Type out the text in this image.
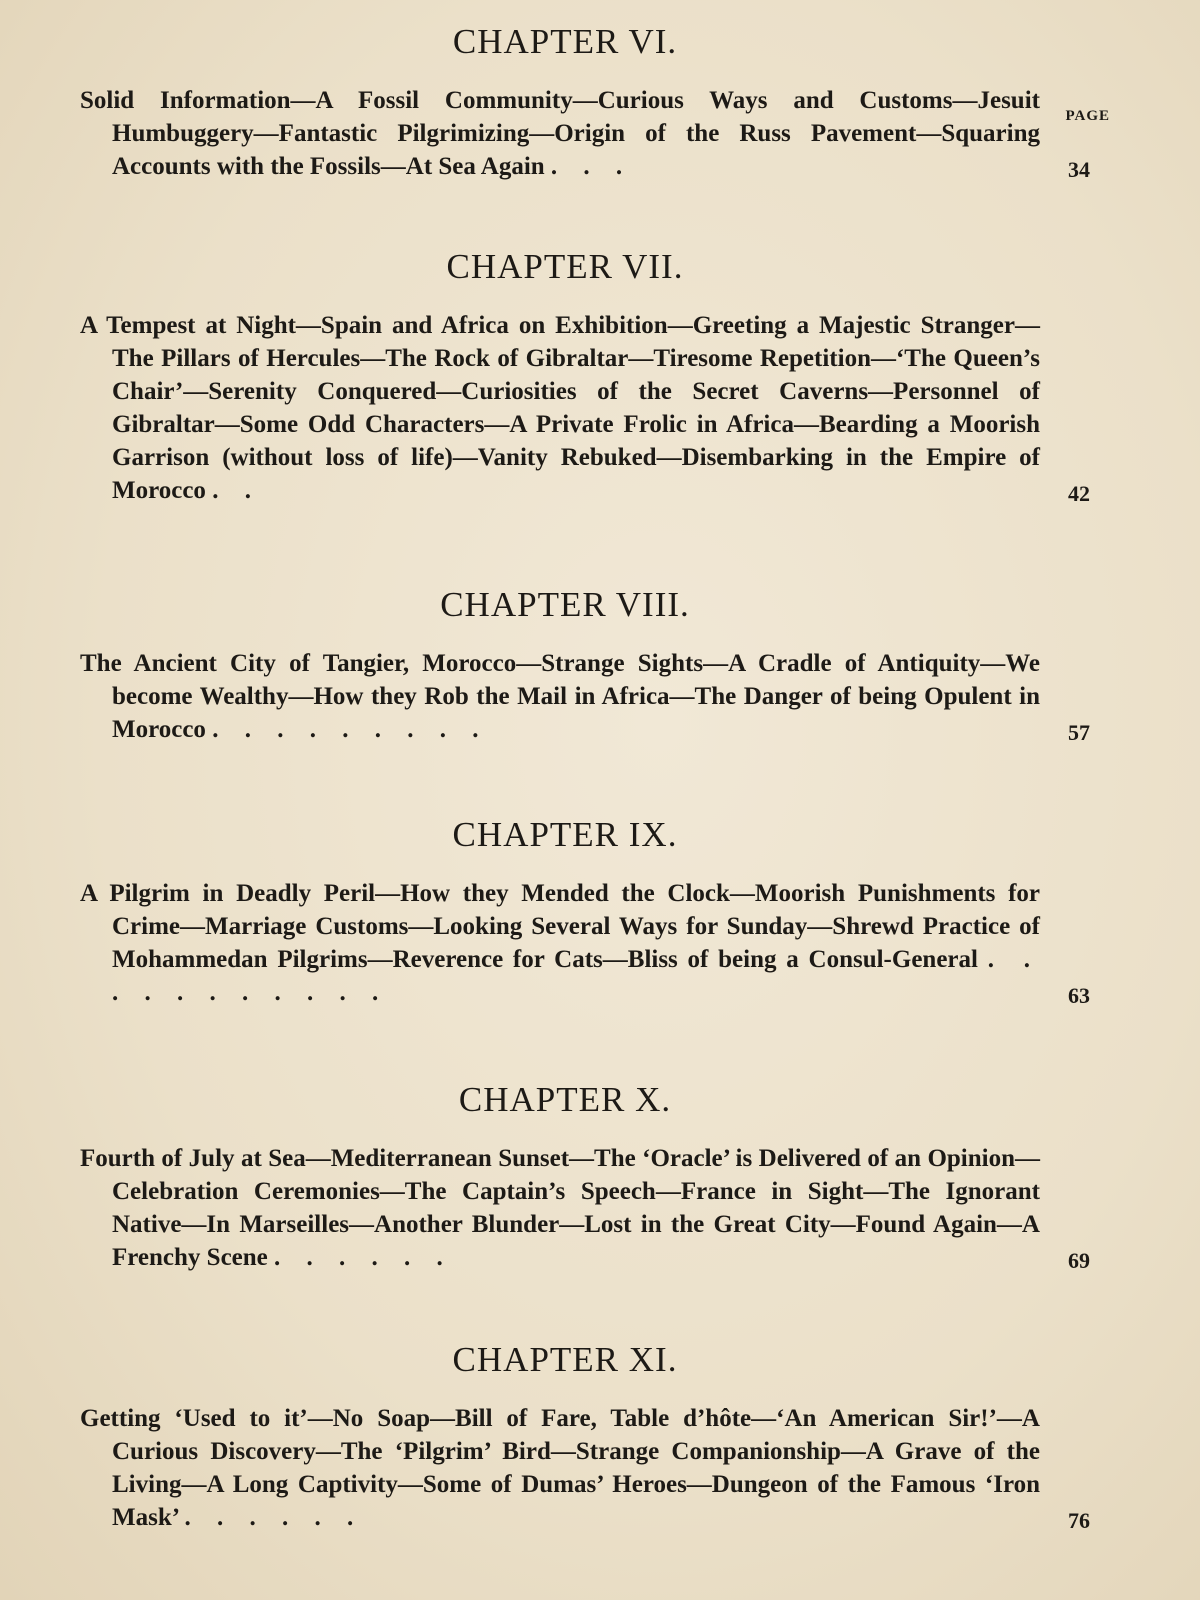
PAGE
CHAPTER VI.
Solid Information—A Fossil Community—Curious Ways and Customs—Jesuit Humbuggery—Fantastic Pilgrimizing—Origin of the Russ Pavement—Squaring Accounts with the Fossils—At Sea Again . . .	34
CHAPTER VII.
A Tempest at Night—Spain and Africa on Exhibition—Greeting a Majestic Stranger—The Pillars of Hercules—The Rock of Gibraltar—Tiresome Repetition—‘The Queen’s Chair’—Serenity Conquered—Curiosities of the Secret Caverns—Personnel of Gibraltar—Some Odd Characters—A Private Frolic in Africa—Bearding a Moorish Garrison (without loss of life)—Vanity Rebuked—Disembarking in the Empire of Morocco . .	42
CHAPTER VIII.
The Ancient City of Tangier, Morocco—Strange Sights—A Cradle of Antiquity—We become Wealthy—How they Rob the Mail in Africa—The Danger of being Opulent in Morocco . . . . . . . . .	57
CHAPTER IX.
A Pilgrim in Deadly Peril—How they Mended the Clock—Moorish Punishments for Crime—Marriage Customs—Looking Several Ways for Sunday—Shrewd Practice of Mohammedan Pilgrims—Reverence for Cats—Bliss of being a Consul-General . . . . . . . . . . .	63
CHAPTER X.
Fourth of July at Sea—Mediterranean Sunset—The ‘Oracle’ is Delivered of an Opinion—Celebration Ceremonies—The Captain’s Speech—France in Sight—The Ignorant Native—In Marseilles—Another Blunder—Lost in the Great City—Found Again—A Frenchy Scene . . . . . .	69
CHAPTER XI.
Getting ‘Used to it’—No Soap—Bill of Fare, Table d’hôte—‘An American Sir!’—A Curious Discovery—The ‘Pilgrim’ Bird—Strange Companionship—A Grave of the Living—A Long Captivity—Some of Dumas’ Heroes—Dungeon of the Famous ‘Iron Mask’ . . . . . .	76
